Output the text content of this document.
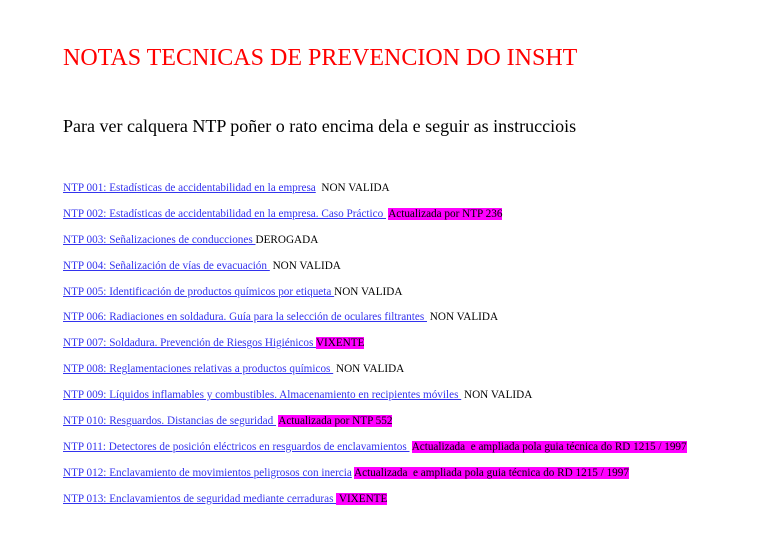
NOTAS TECNICAS DE PREVENCION DO INSHT

Para ver calquera NTP poñer o rato encima dela e seguir as instrucciois

NTP 001: Estadísticas de accidentabilidad en la empresa NON VALIDA
NTP 002: Estadísticas de accidentabilidad en la empresa. Caso Práctico  Actualizada por NTP 236
NTP 003: Señalizaciones de conducciones DEROGADA
NTP 004: Señalización de vías de evacuación  NON VALIDA
NTP 005: Identificación de productos químicos por etiqueta NON VALIDA
NTP 006: Radiaciones en soldadura. Guía para la selección de oculares filtrantes  NON VALIDA
NTP 007: Soldadura. Prevención de Riesgos Higiénicos VIXENTE
NTP 008: Reglamentaciones relativas a productos químicos  NON VALIDA
NTP 009: Líquidos inflamables y combustibles. Almacenamiento en recipientes móviles  NON VALIDA
NTP 010: Resguardos. Distancias de seguridad  Actualizada por NTP 552
NTP 011: Detectores de posición eléctricos en resguardos de enclavamientos  Actualizada  e ampliada pola guia técnica do RD 1215 / 1997
NTP 012: Enclavamiento de movimientos peligrosos con inercia Actualizada  e ampliada pola guia técnica do RD 1215 / 1997
NTP 013: Enclavamientos de seguridad mediante cerraduras  VIXENTE
